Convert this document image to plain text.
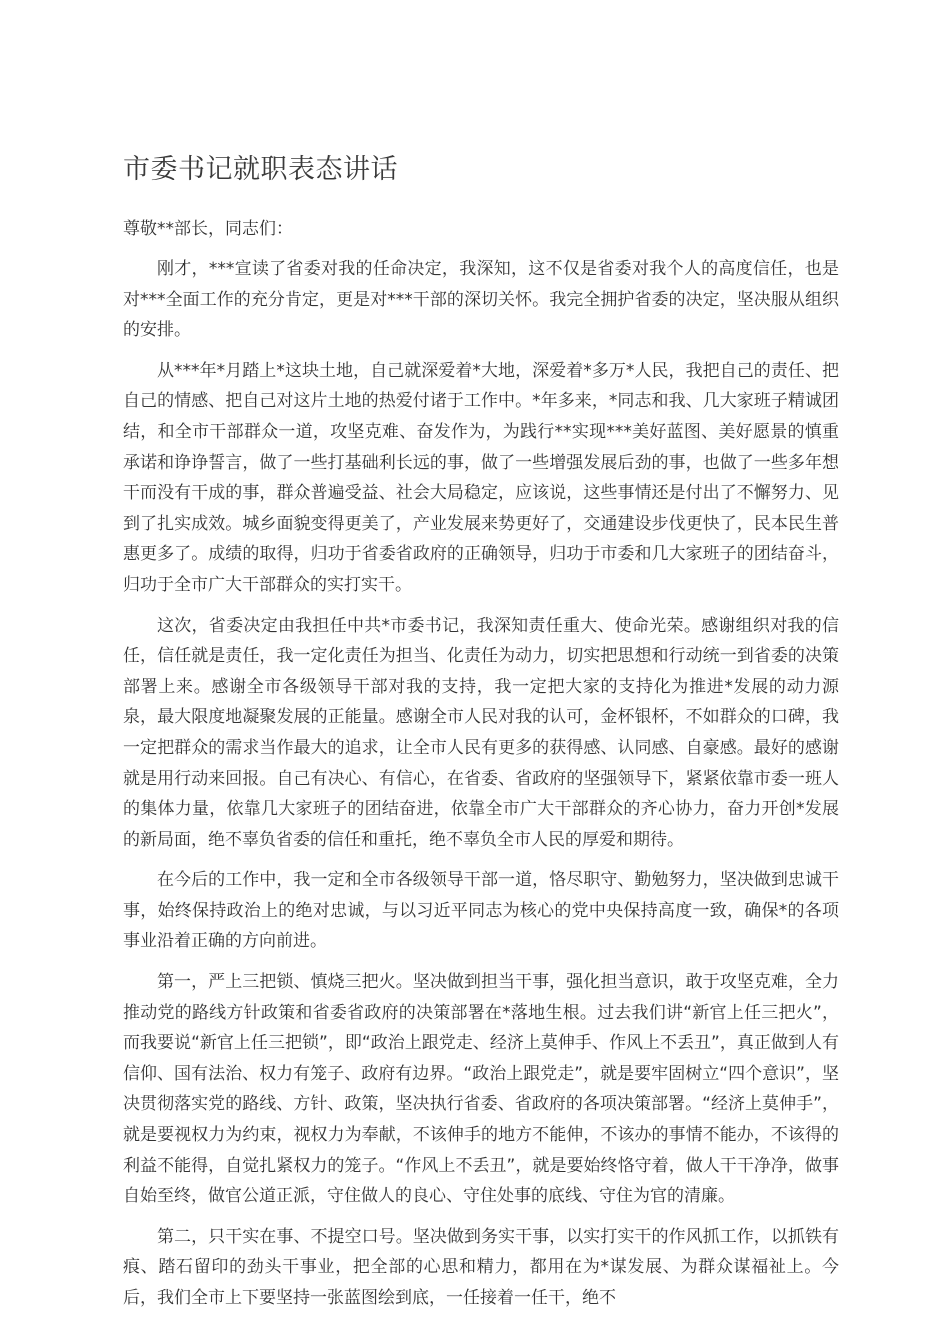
市委书记就职表态讲话

尊敬**部长，同志们：

刚才，***宣读了省委对我的任命决定，我深知，这不仅是省委对我个人的高度信任，也是对***全面工作的充分肯定，更是对***干部的深切关怀。我完全拥护省委的决定，坚决服从组织的安排。

从***年*月踏上*这块土地，自己就深爱着*大地，深爱着*多万*人民，我把自己的责任、把自己的情感、把自己对这片土地的热爱付诸于工作中。*年多来，*同志和我、几大家班子精诚团结，和全市干部群众一道，攻坚克难、奋发作为，为践行**实现***美好蓝图、美好愿景的慎重承诺和诤诤誓言，做了一些打基础利长远的事，做了一些增强发展后劲的事，也做了一些多年想干而没有干成的事，群众普遍受益、社会大局稳定，应该说，这些事情还是付出了不懈努力、见到了扎实成效。城乡面貌变得更美了，产业发展来势更好了，交通建设步伐更快了，民本民生普惠更多了。成绩的取得，归功于省委省政府的正确领导，归功于市委和几大家班子的团结奋斗，归功于全市广大干部群众的实打实干。

这次，省委决定由我担任中共*市委书记，我深知责任重大、使命光荣。感谢组织对我的信任，信任就是责任，我一定化责任为担当、化责任为动力，切实把思想和行动统一到省委的决策部署上来。感谢全市各级领导干部对我的支持，我一定把大家的支持化为推进*发展的动力源泉，最大限度地凝聚发展的正能量。感谢全市人民对我的认可，金杯银杯，不如群众的口碑，我一定把群众的需求当作最大的追求，让全市人民有更多的获得感、认同感、自豪感。最好的感谢就是用行动来回报。自己有决心、有信心，在省委、省政府的坚强领导下，紧紧依靠市委一班人的集体力量，依靠几大家班子的团结奋进，依靠全市广大干部群众的齐心协力，奋力开创*发展的新局面，绝不辜负省委的信任和重托，绝不辜负全市人民的厚爱和期待。

在今后的工作中，我一定和全市各级领导干部一道，恪尽职守、勤勉努力，坚决做到忠诚干事，始终保持政治上的绝对忠诚，与以习近平同志为核心的党中央保持高度一致，确保*的各项事业沿着正确的方向前进。

第一，严上三把锁、慎烧三把火。坚决做到担当干事，强化担当意识，敢于攻坚克难，全力推动党的路线方针政策和省委省政府的决策部署在*落地生根。过去我们讲“新官上任三把火”，而我要说“新官上任三把锁”，即“政治上跟党走、经济上莫伸手、作风上不丢丑”，真正做到人有信仰、国有法治、权力有笼子、政府有边界。“政治上跟党走”，就是要牢固树立“四个意识”，坚决贯彻落实党的路线、方针、政策，坚决执行省委、省政府的各项决策部署。“经济上莫伸手”，就是要视权力为约束，视权力为奉献，不该伸手的地方不能伸，不该办的事情不能办，不该得的利益不能得，自觉扎紧权力的笼子。“作风上不丢丑”，就是要始终恪守着，做人干干净净，做事自始至终，做官公道正派，守住做人的良心、守住处事的底线、守住为官的清廉。

第二，只干实在事、不提空口号。坚决做到务实干事，以实打实干的作风抓工作，以抓铁有痕、踏石留印的劲头干事业，把全部的心思和精力，都用在为*谋发展、为群众谋福祉上。今后，我们全市上下要坚持一张蓝图绘到底，一任接着一任干，绝不
